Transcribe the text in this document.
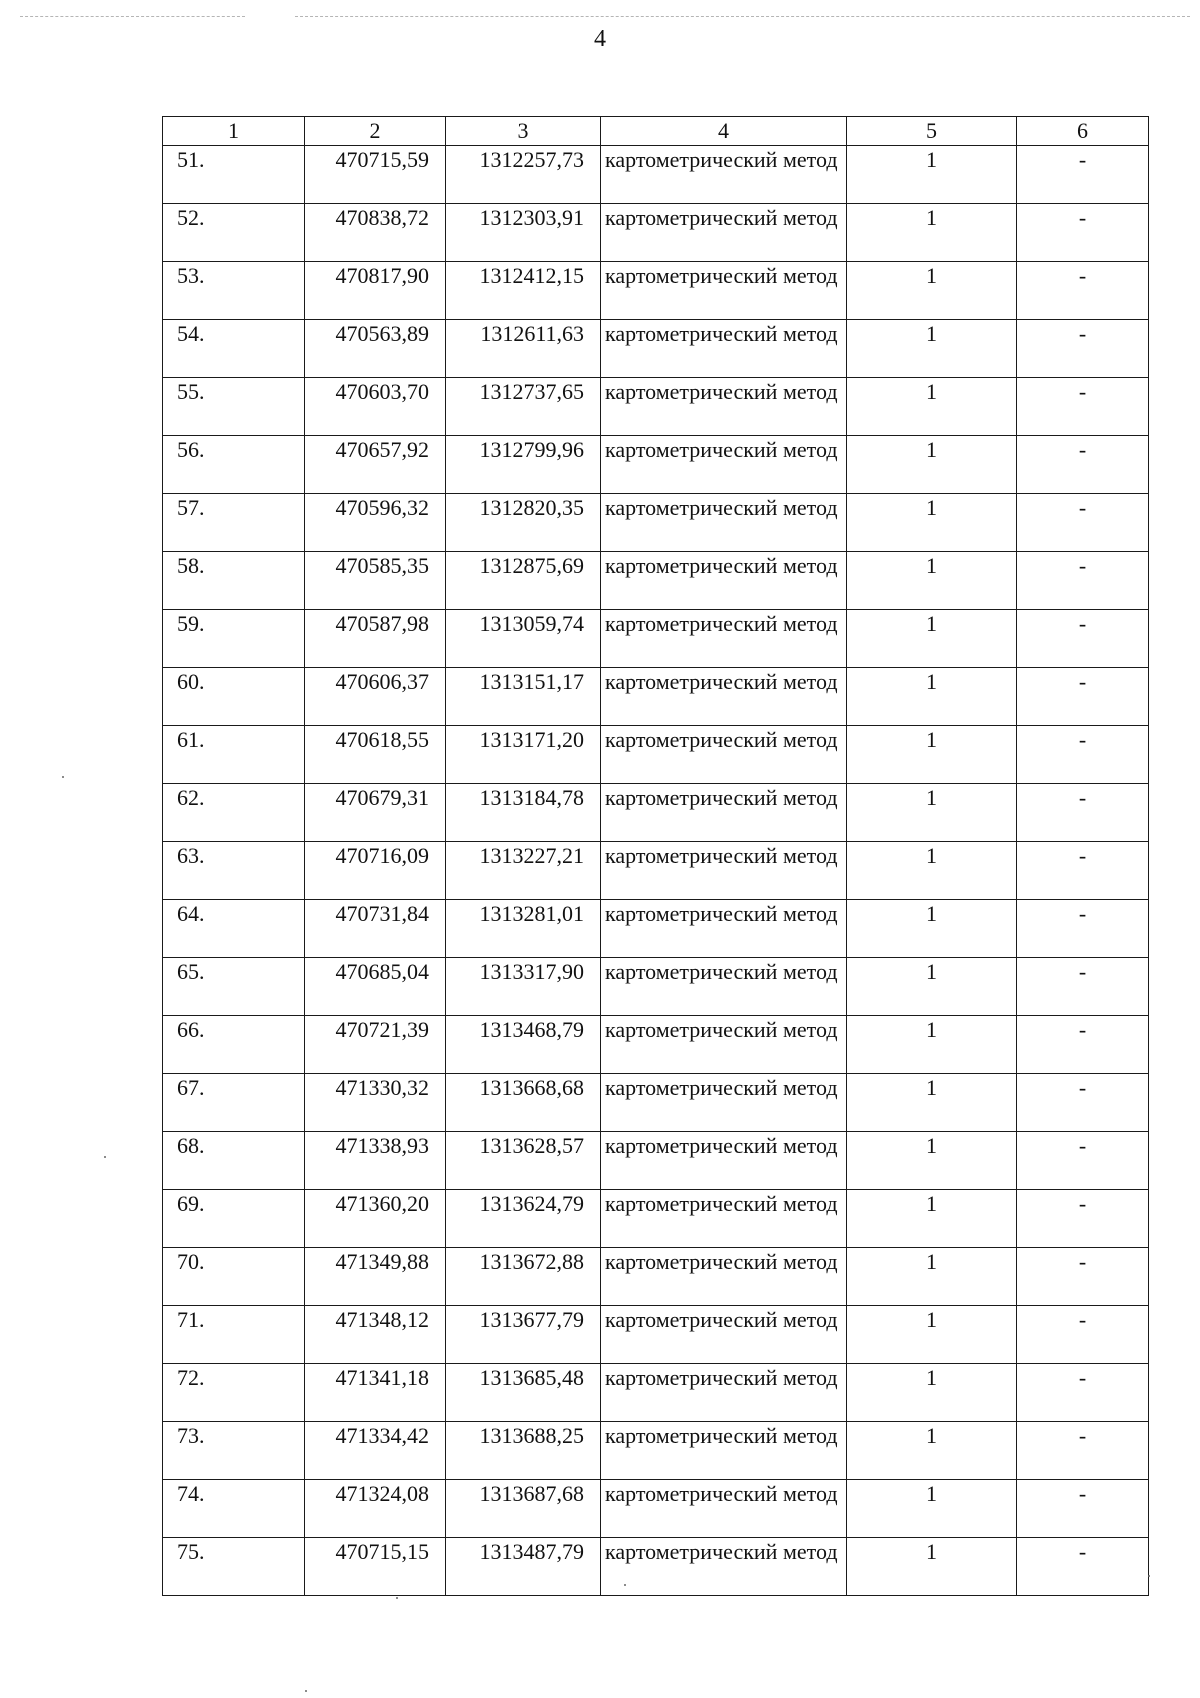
4
1	2	3	4	5	6
51.	470715,59	1312257,73	картометрический метод	1	-
52.	470838,72	1312303,91	картометрический метод	1	-
53.	470817,90	1312412,15	картометрический метод	1	-
54.	470563,89	1312611,63	картометрический метод	1	-
55.	470603,70	1312737,65	картометрический метод	1	-
56.	470657,92	1312799,96	картометрический метод	1	-
57.	470596,32	1312820,35	картометрический метод	1	-
58.	470585,35	1312875,69	картометрический метод	1	-
59.	470587,98	1313059,74	картометрический метод	1	-
60.	470606,37	1313151,17	картометрический метод	1	-
61.	470618,55	1313171,20	картометрический метод	1	-
62.	470679,31	1313184,78	картометрический метод	1	-
63.	470716,09	1313227,21	картометрический метод	1	-
64.	470731,84	1313281,01	картометрический метод	1	-
65.	470685,04	1313317,90	картометрический метод	1	-
66.	470721,39	1313468,79	картометрический метод	1	-
67.	471330,32	1313668,68	картометрический метод	1	-
68.	471338,93	1313628,57	картометрический метод	1	-
69.	471360,20	1313624,79	картометрический метод	1	-
70.	471349,88	1313672,88	картометрический метод	1	-
71.	471348,12	1313677,79	картометрический метод	1	-
72.	471341,18	1313685,48	картометрический метод	1	-
73.	471334,42	1313688,25	картометрический метод	1	-
74.	471324,08	1313687,68	картометрический метод	1	-
75.	470715,15	1313487,79	картометрический метод	1	-
